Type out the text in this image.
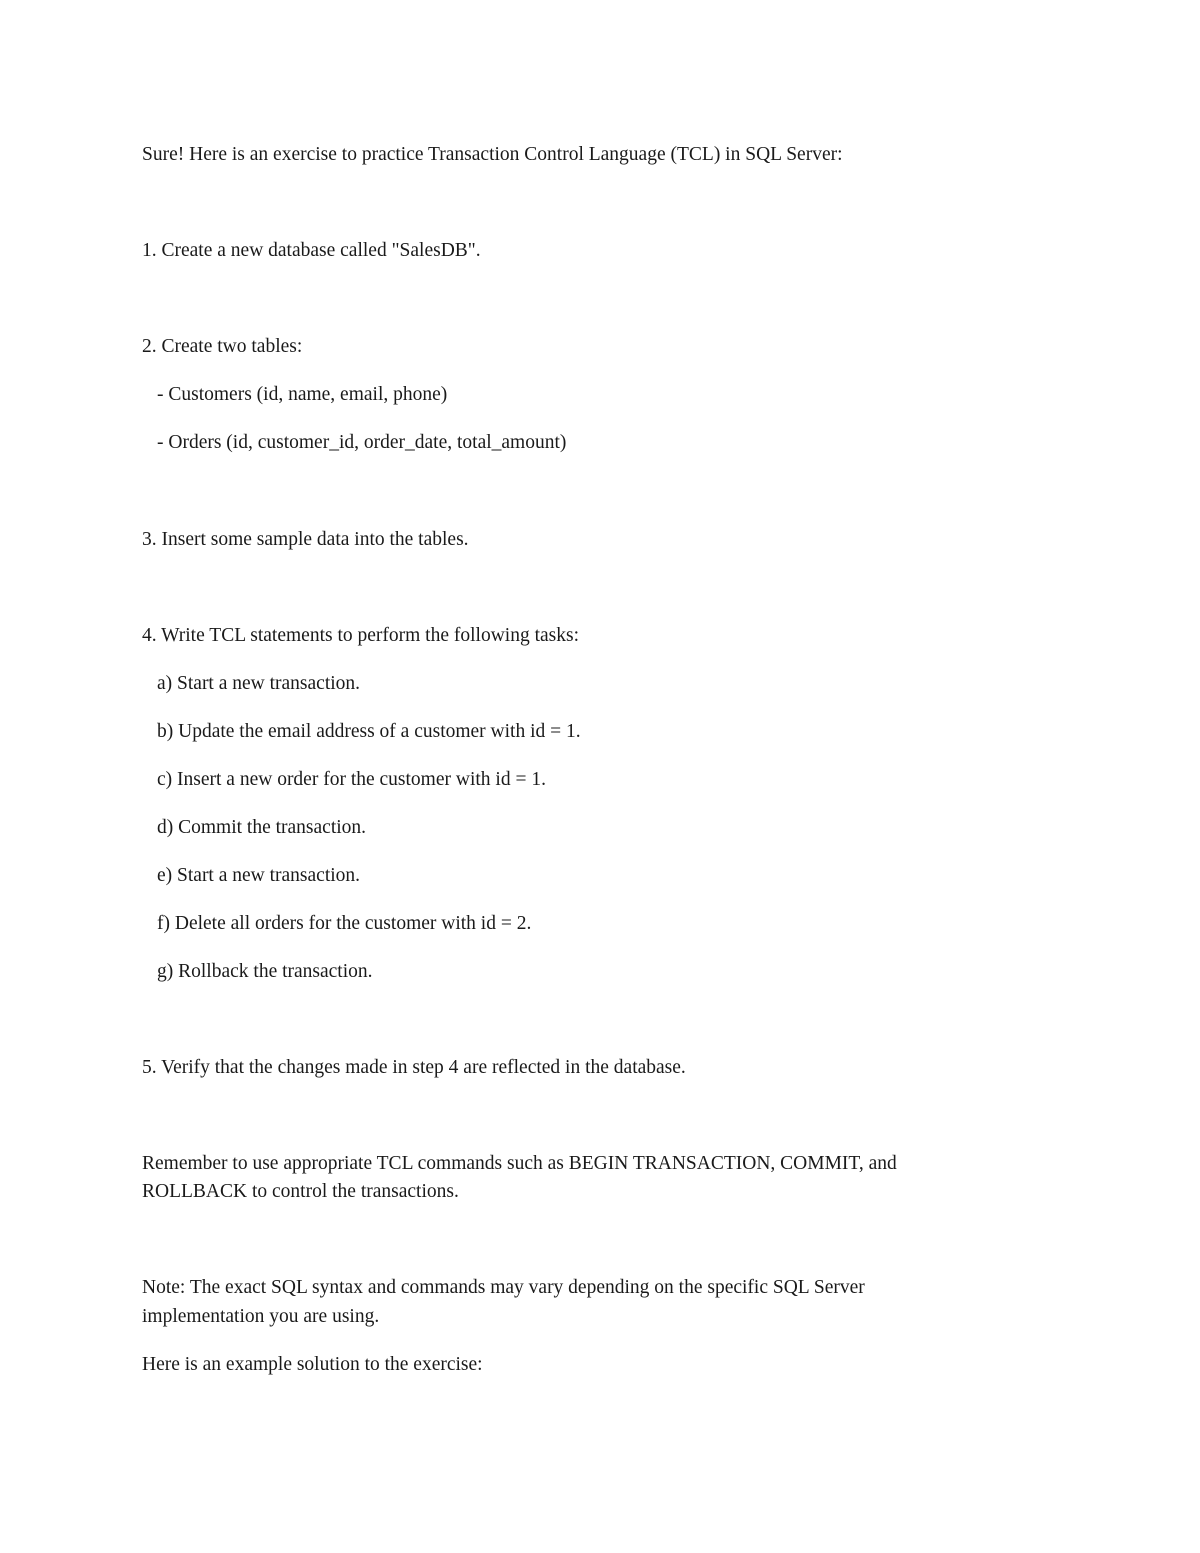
Sure! Here is an exercise to practice Transaction Control Language (TCL) in SQL Server:
1. Create a new database called "SalesDB".
2. Create two tables:
- Customers (id, name, email, phone)
- Orders (id, customer_id, order_date, total_amount)
3. Insert some sample data into the tables.
4. Write TCL statements to perform the following tasks:
a) Start a new transaction.
b) Update the email address of a customer with id = 1.
c) Insert a new order for the customer with id = 1.
d) Commit the transaction.
e) Start a new transaction.
f) Delete all orders for the customer with id = 2.
g) Rollback the transaction.
5. Verify that the changes made in step 4 are reflected in the database.
Remember to use appropriate TCL commands such as BEGIN TRANSACTION, COMMIT, and
ROLLBACK to control the transactions.
Note: The exact SQL syntax and commands may vary depending on the specific SQL Server
implementation you are using.
Here is an example solution to the exercise:
